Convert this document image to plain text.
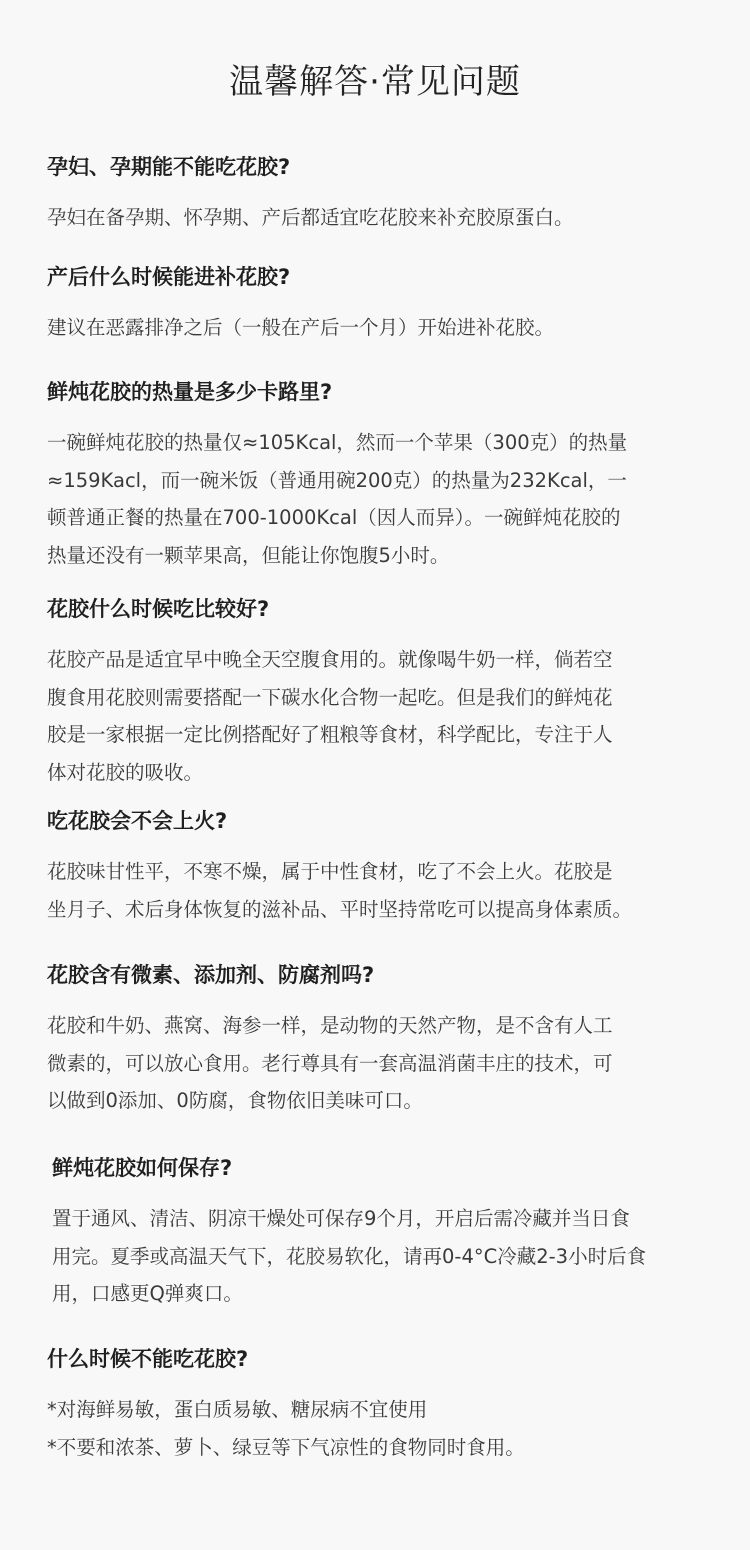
温馨解答·常见问题
孕妇、孕期能不能吃花胶?
孕妇在备孕期、怀孕期、产后都适宜吃花胶来补充胶原蛋白。
产后什么时候能进补花胶?
建议在恶露排净之后（一般在产后一个月）开始进补花胶。
鲜炖花胶的热量是多少卡路里?
一碗鲜炖花胶的热量仅≈105Kcal，然而一个苹果（300克）的热量
≈159Kacl，而一碗米饭（普通用碗200克）的热量为232Kcal，一
顿普通正餐的热量在700-1000Kcal（因人而异）。一碗鲜炖花胶的
热量还没有一颗苹果高，但能让你饱腹5小时。
花胶什么时候吃比较好?
花胶产品是适宜早中晚全天空腹食用的。就像喝牛奶一样，倘若空
腹食用花胶则需要搭配一下碳水化合物一起吃。但是我们的鲜炖花
胶是一家根据一定比例搭配好了粗粮等食材，科学配比，专注于人
体对花胶的吸收。
吃花胶会不会上火?
花胶味甘性平，不寒不燥，属于中性食材，吃了不会上火。花胶是
坐月子、术后身体恢复的滋补品、平时坚持常吃可以提高身体素质。
花胶含有微素、添加剂、防腐剂吗?
花胶和牛奶、燕窝、海参一样，是动物的天然产物，是不含有人工
微素的，可以放心食用。老行尊具有一套高温消菌丰庄的技术，可
以做到0添加、0防腐，食物依旧美味可口。
鲜炖花胶如何保存?
置于通风、清洁、阴凉干燥处可保存9个月，开启后需冷藏并当日食
用完。夏季或高温天气下，花胶易软化，请再0-4°C冷藏2-3小时后食
用，口感更Q弹爽口。
什么时候不能吃花胶?
*对海鲜易敏，蛋白质易敏、糖尿病不宜使用
*不要和浓茶、萝卜、绿豆等下气凉性的食物同时食用。
